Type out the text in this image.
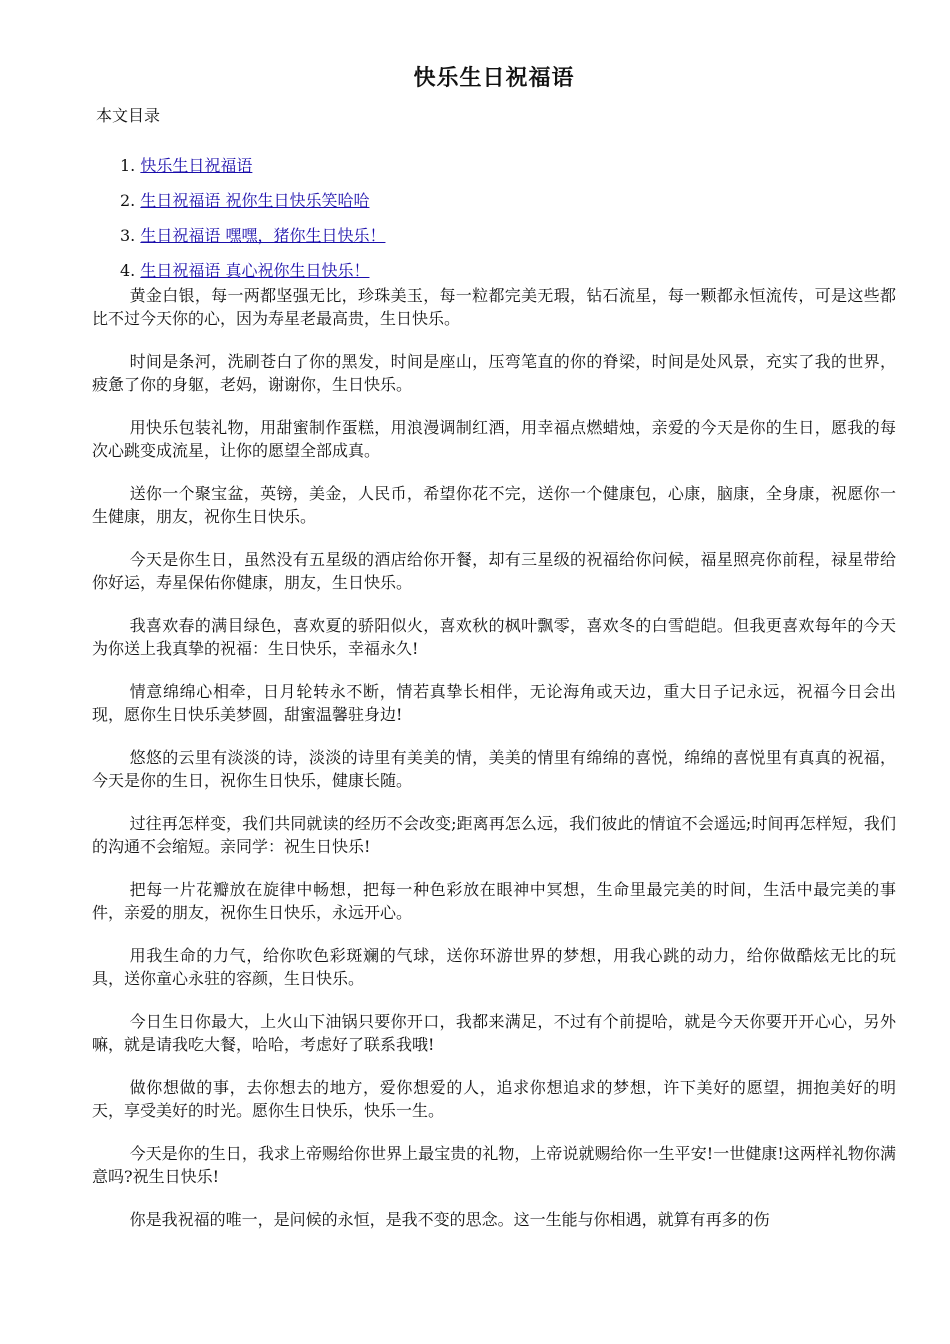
快乐生日祝福语
本文目录
1. 快乐生日祝福语
2. 生日祝福语 祝你生日快乐笑哈哈
3. 生日祝福语 嘿嘿，猪你生日快乐！
4. 生日祝福语 真心祝你生日快乐！

黄金白银，每一两都坚强无比，珍珠美玉，每一粒都完美无瑕，钻石流星，每一颗都永恒流传，可是这些都比不过今天你的心，因为寿星老最高贵，生日快乐。

时间是条河，洗刷苍白了你的黑发，时间是座山，压弯笔直的你的脊梁，时间是处风景，充实了我的世界，疲惫了你的身躯，老妈，谢谢你，生日快乐。

用快乐包装礼物，用甜蜜制作蛋糕，用浪漫调制红酒，用幸福点燃蜡烛，亲爱的今天是你的生日，愿我的每次心跳变成流星，让你的愿望全部成真。

送你一个聚宝盆，英镑，美金，人民币，希望你花不完，送你一个健康包，心康，脑康，全身康，祝愿你一生健康，朋友，祝你生日快乐。

今天是你生日，虽然没有五星级的酒店给你开餐，却有三星级的祝福给你问候，福星照亮你前程，禄星带给你好运，寿星保佑你健康，朋友，生日快乐。

我喜欢春的满目绿色，喜欢夏的骄阳似火，喜欢秋的枫叶飘零，喜欢冬的白雪皑皑。但我更喜欢每年的今天为你送上我真挚的祝福：生日快乐，幸福永久!

情意绵绵心相牵，日月轮转永不断，情若真挚长相伴，无论海角或天边，重大日子记永远，祝福今日会出现，愿你生日快乐美梦圆，甜蜜温馨驻身边!

悠悠的云里有淡淡的诗，淡淡的诗里有美美的情，美美的情里有绵绵的喜悦，绵绵的喜悦里有真真的祝福，今天是你的生日，祝你生日快乐，健康长随。

过往再怎样变，我们共同就读的经历不会改变;距离再怎么远，我们彼此的情谊不会遥远;时间再怎样短，我们的沟通不会缩短。亲同学：祝生日快乐!

把每一片花瓣放在旋律中畅想，把每一种色彩放在眼神中冥想，生命里最完美的时间，生活中最完美的事件，亲爱的朋友，祝你生日快乐，永远开心。

用我生命的力气，给你吹色彩斑斓的气球，送你环游世界的梦想，用我心跳的动力，给你做酷炫无比的玩具，送你童心永驻的容颜，生日快乐。

今日生日你最大，上火山下油锅只要你开口，我都来满足，不过有个前提哈，就是今天你要开开心心，另外嘛，就是请我吃大餐，哈哈，考虑好了联系我哦!

做你想做的事，去你想去的地方，爱你想爱的人，追求你想追求的梦想，许下美好的愿望，拥抱美好的明天，享受美好的时光。愿你生日快乐，快乐一生。

今天是你的生日，我求上帝赐给你世界上最宝贵的礼物，上帝说就赐给你一生平安!一世健康!这两样礼物你满意吗?祝生日快乐!

你是我祝福的唯一，是问候的永恒，是我不变的思念。这一生能与你相遇，就算有再多的伤
